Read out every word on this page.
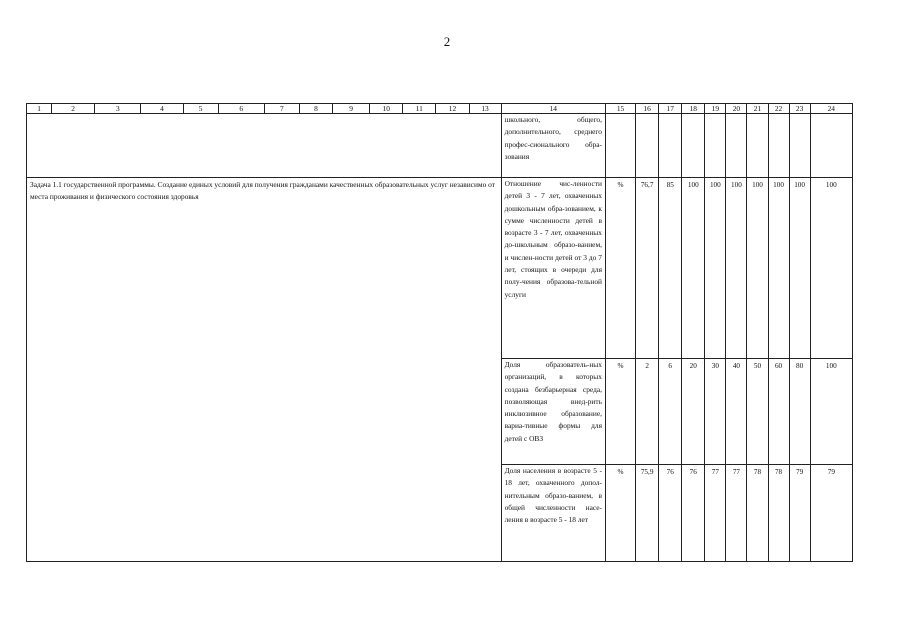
2
1	2	3	4	5	6	7	8	9	10	11	12	13	14	15	16	17	18	19	20	21	22	23	24
													школьного, общего, дополнительного, среднего профес-сионального обра-зования										
Задача 1.1 государственной программы. Создание единых условий для получения гражданами качественных образовательных услуг независимо от места проживания и физического состояния здоровья													Отношение чис-ленности детей 3 - 7 лет, охваченных дошкольным обра-зованием, к сумме численности детей в возрасте 3 - 7 лет, охваченных до-школьным образо-ванием, и числен-ности детей от 3 до 7 лет, стоящих в очереди для полу-чения образова-тельной услуги	%	76,7	85	100	100	100	100	100	100	100
													Доля образователь-ных организаций, в которых создана безбарьерная среда, позволяющая внед-рить инклюзивное образование, вариа-тивные формы для детей с ОВЗ	%	2	6	20	30	40	50	60	80	100
													Доля населения в возрасте 5 - 18 лет, охваченного допол-нительным образо-ванием, в общей численности насе-ления в возрасте 5 - 18 лет	%	75,9	76	76	77	77	78	78	79	79
